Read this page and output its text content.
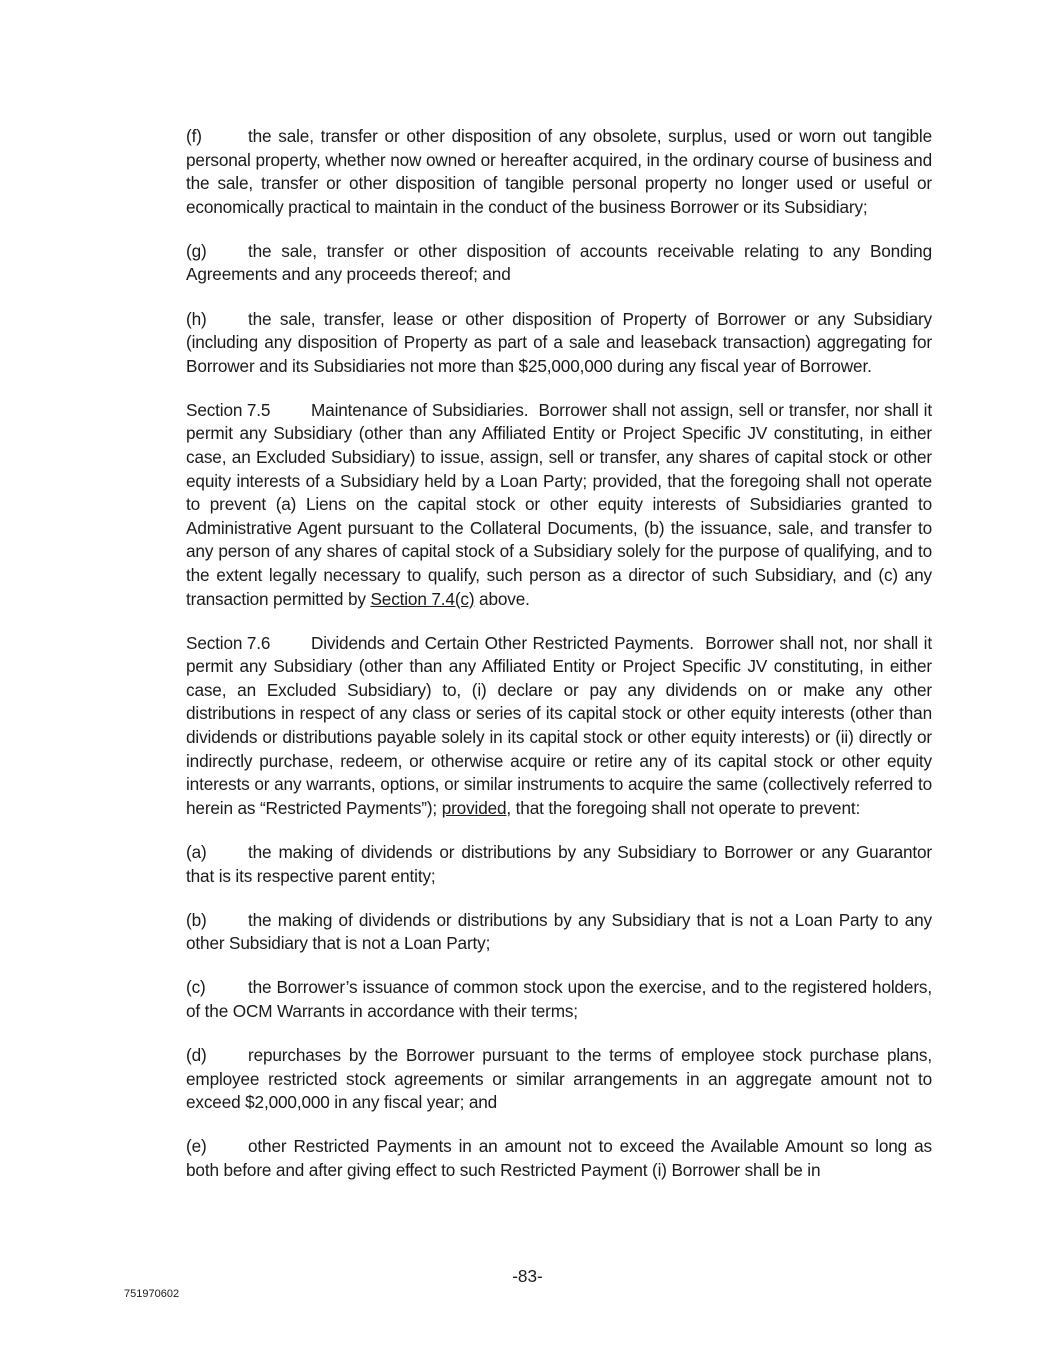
(f)	the sale, transfer or other disposition of any obsolete, surplus, used or worn out tangible personal property, whether now owned or hereafter acquired, in the ordinary course of business and the sale, transfer or other disposition of tangible personal property no longer used or useful or economically practical to maintain in the conduct of the business Borrower or its Subsidiary;

(g) the sale, transfer or other disposition of accounts receivable relating to any Bonding Agreements and any proceeds thereof; and

(h) the sale, transfer, lease or other disposition of Property of Borrower or any Subsidiary (including any disposition of Property as part of a sale and leaseback transaction) aggregating for Borrower and its Subsidiaries not more than $25,000,000 during any fiscal year of Borrower.

Section 7.5 Maintenance of Subsidiaries. Borrower shall not assign, sell or transfer, nor shall it permit any Subsidiary (other than any Affiliated Entity or Project Specific JV constituting, in either case, an Excluded Subsidiary) to issue, assign, sell or transfer, any shares of capital stock or other equity interests of a Subsidiary held by a Loan Party; provided, that the foregoing shall not operate to prevent (a) Liens on the capital stock or other equity interests of Subsidiaries granted to Administrative Agent pursuant to the Collateral Documents, (b) the issuance, sale, and transfer to any person of any shares of capital stock of a Subsidiary solely for the purpose of qualifying, and to the extent legally necessary to qualify, such person as a director of such Subsidiary, and (c) any transaction permitted by Section 7.4(c) above.

Section 7.6 Dividends and Certain Other Restricted Payments. Borrower shall not, nor shall it permit any Subsidiary (other than any Affiliated Entity or Project Specific JV constituting, in either case, an Excluded Subsidiary) to, (i) declare or pay any dividends on or make any other distributions in respect of any class or series of its capital stock or other equity interests (other than dividends or distributions payable solely in its capital stock or other equity interests) or (ii) directly or indirectly purchase, redeem, or otherwise acquire or retire any of its capital stock or other equity interests or any warrants, options, or similar instruments to acquire the same (collectively referred to herein as “Restricted Payments”); provided, that the foregoing shall not operate to prevent:

(a) the making of dividends or distributions by any Subsidiary to Borrower or any Guarantor that is its respective parent entity;

(b) the making of dividends or distributions by any Subsidiary that is not a Loan Party to any other Subsidiary that is not a Loan Party;

(c) the Borrower’s issuance of common stock upon the exercise, and to the registered holders, of the OCM Warrants in accordance with their terms;

(d) repurchases by the Borrower pursuant to the terms of employee stock purchase plans, employee restricted stock agreements or similar arrangements in an aggregate amount not to exceed $2,000,000 in any fiscal year; and

(e) other Restricted Payments in an amount not to exceed the Available Amount so long as both before and after giving effect to such Restricted Payment (i) Borrower shall be in

-83-
751970602
